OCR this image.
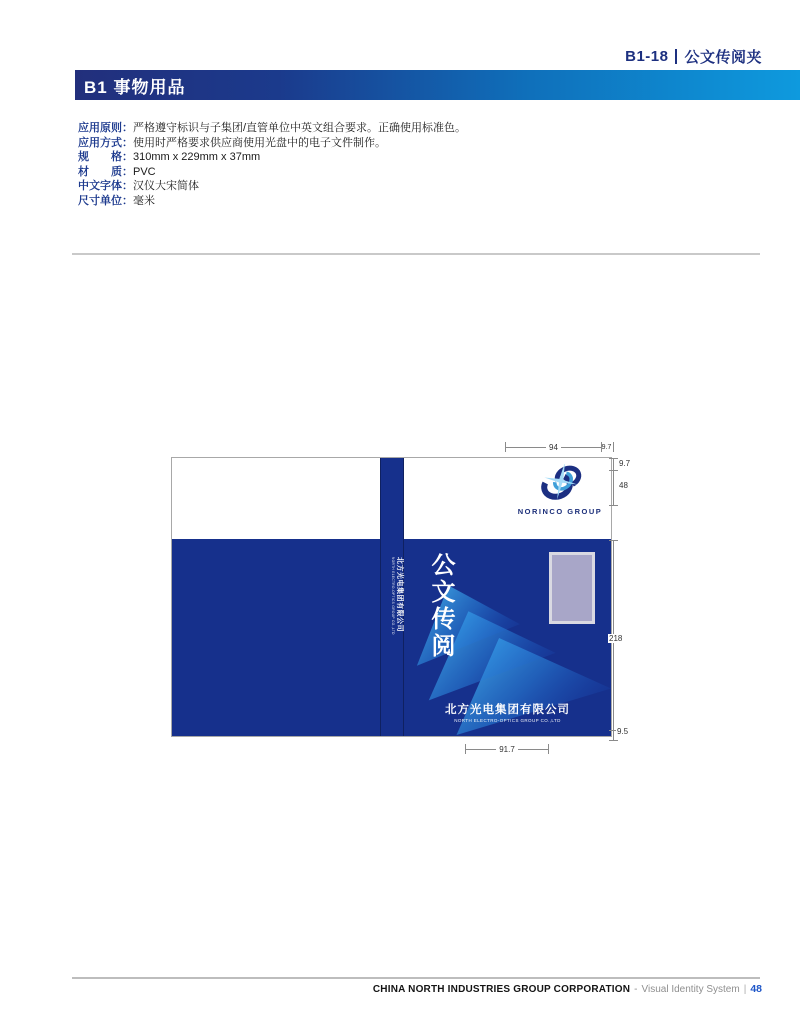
B1-18 公文传阅夹
B1 事物用品
应用原则：严格遵守标识与子集团/直管单位中英文组合要求。正确使用标准色。
应用方式：使用时严格要求供应商使用光盘中的电子文件制作。
规　　格：310mm x 229mm x 37mm
材　　质：PVC
中文字体：汉仪大宋简体
尺寸单位：毫米
NORINCO GROUP
公文传阅
北方光电集团有限公司
NORTH ELECTRO-OPTICS GROUP CO.,LTD
北方光电集团有限公司
NORTH ELECTRO-OPTICS GROUP CO.,LTD
94	9.7
9.7
48
218
9.5
91.7
CHINA NORTH INDUSTRIES GROUP CORPORATION - Visual Identity System | 48
